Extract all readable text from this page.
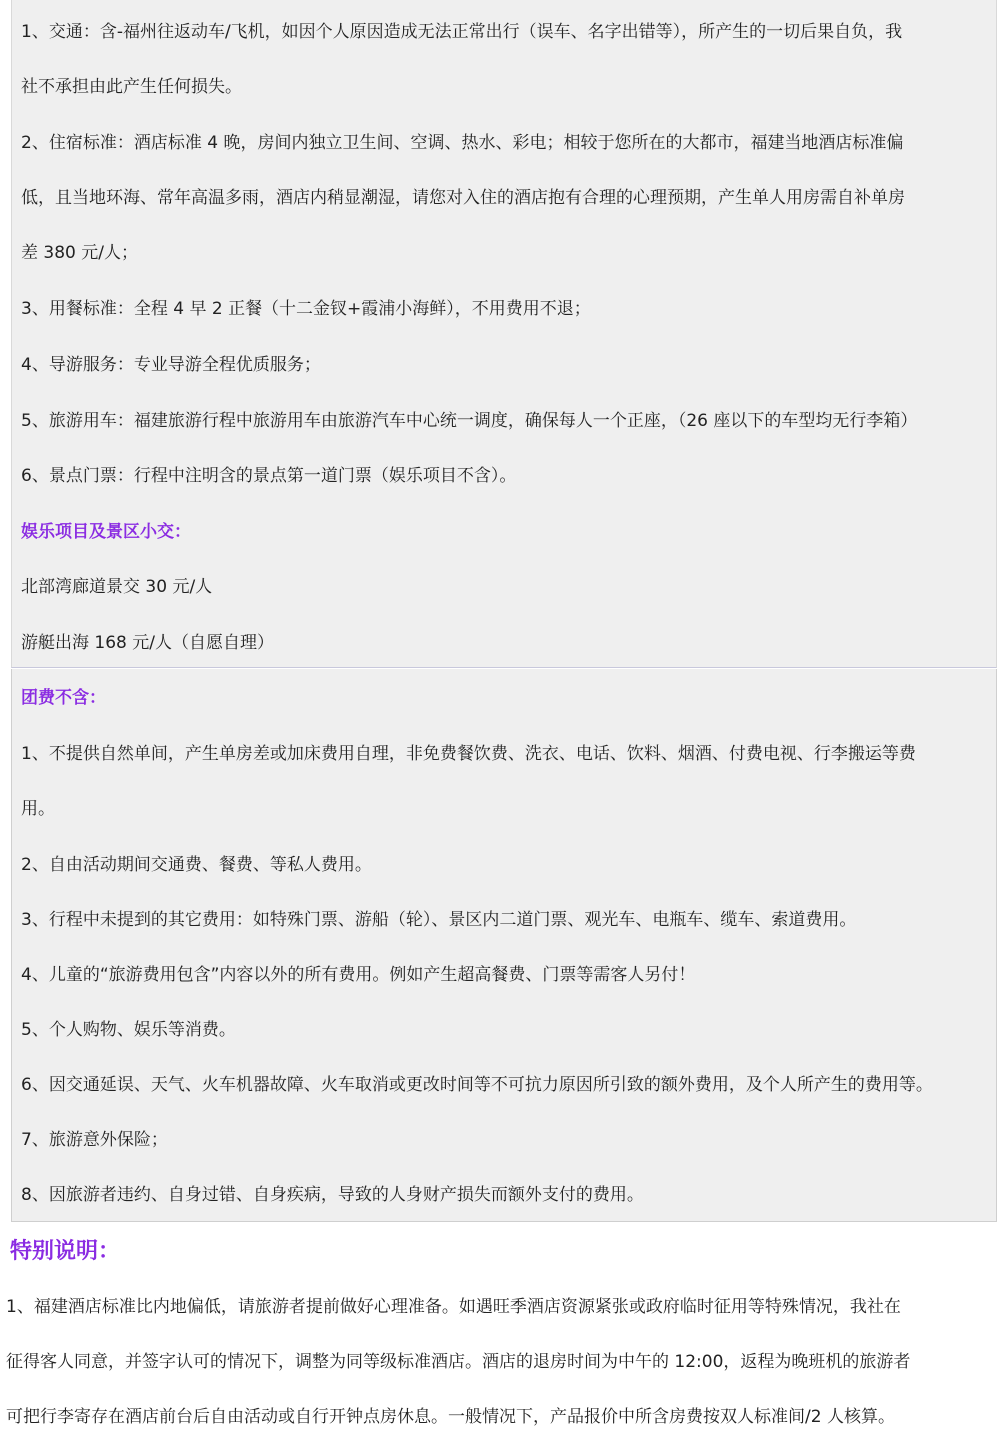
1、交通：含-福州往返动车/飞机，如因个人原因造成无法正常出行（误车、名字出错等），所产生的一切后果自负，我
社不承担由此产生任何损失。
2、住宿标准：酒店标准 4 晚，房间内独立卫生间、空调、热水、彩电；相较于您所在的大都市，福建当地酒店标准偏
低，且当地环海、常年高温多雨，酒店内稍显潮湿，请您对入住的酒店抱有合理的心理预期，产生单人用房需自补单房
差 380 元/人；
3、用餐标准：全程 4 早 2 正餐（十二金钗+霞浦小海鲜），不用费用不退；
4、导游服务：专业导游全程优质服务；
5、旅游用车：福建旅游行程中旅游用车由旅游汽车中心统一调度，确保每人一个正座，（26 座以下的车型均无行李箱）
6、景点门票：行程中注明含的景点第一道门票（娱乐项目不含）。
娱乐项目及景区小交：
北部湾廊道景交 30 元/人
游艇出海 168 元/人（自愿自理）
团费不含：
1、不提供自然单间，产生单房差或加床费用自理，非免费餐饮费、洗衣、电话、饮料、烟酒、付费电视、行李搬运等费
用。
2、自由活动期间交通费、餐费、等私人费用。
3、行程中未提到的其它费用：如特殊门票、游船（轮）、景区内二道门票、观光车、电瓶车、缆车、索道费用。
4、儿童的“旅游费用包含”内容以外的所有费用。例如产生超高餐费、门票等需客人另付！
5、个人购物、娱乐等消费。
6、因交通延误、天气、火车机器故障、火车取消或更改时间等不可抗力原因所引致的额外费用，及个人所产生的费用等。
7、旅游意外保险；
8、因旅游者违约、自身过错、自身疾病，导致的人身财产损失而额外支付的费用。
特别说明：
1、福建酒店标准比内地偏低，请旅游者提前做好心理准备。如遇旺季酒店资源紧张或政府临时征用等特殊情况，我社在
征得客人同意，并签字认可的情况下，调整为同等级标准酒店。酒店的退房时间为中午的 12:00，返程为晚班机的旅游者
可把行李寄存在酒店前台后自由活动或自行开钟点房休息。一般情况下，产品报价中所含房费按双人标准间/2 人核算。
